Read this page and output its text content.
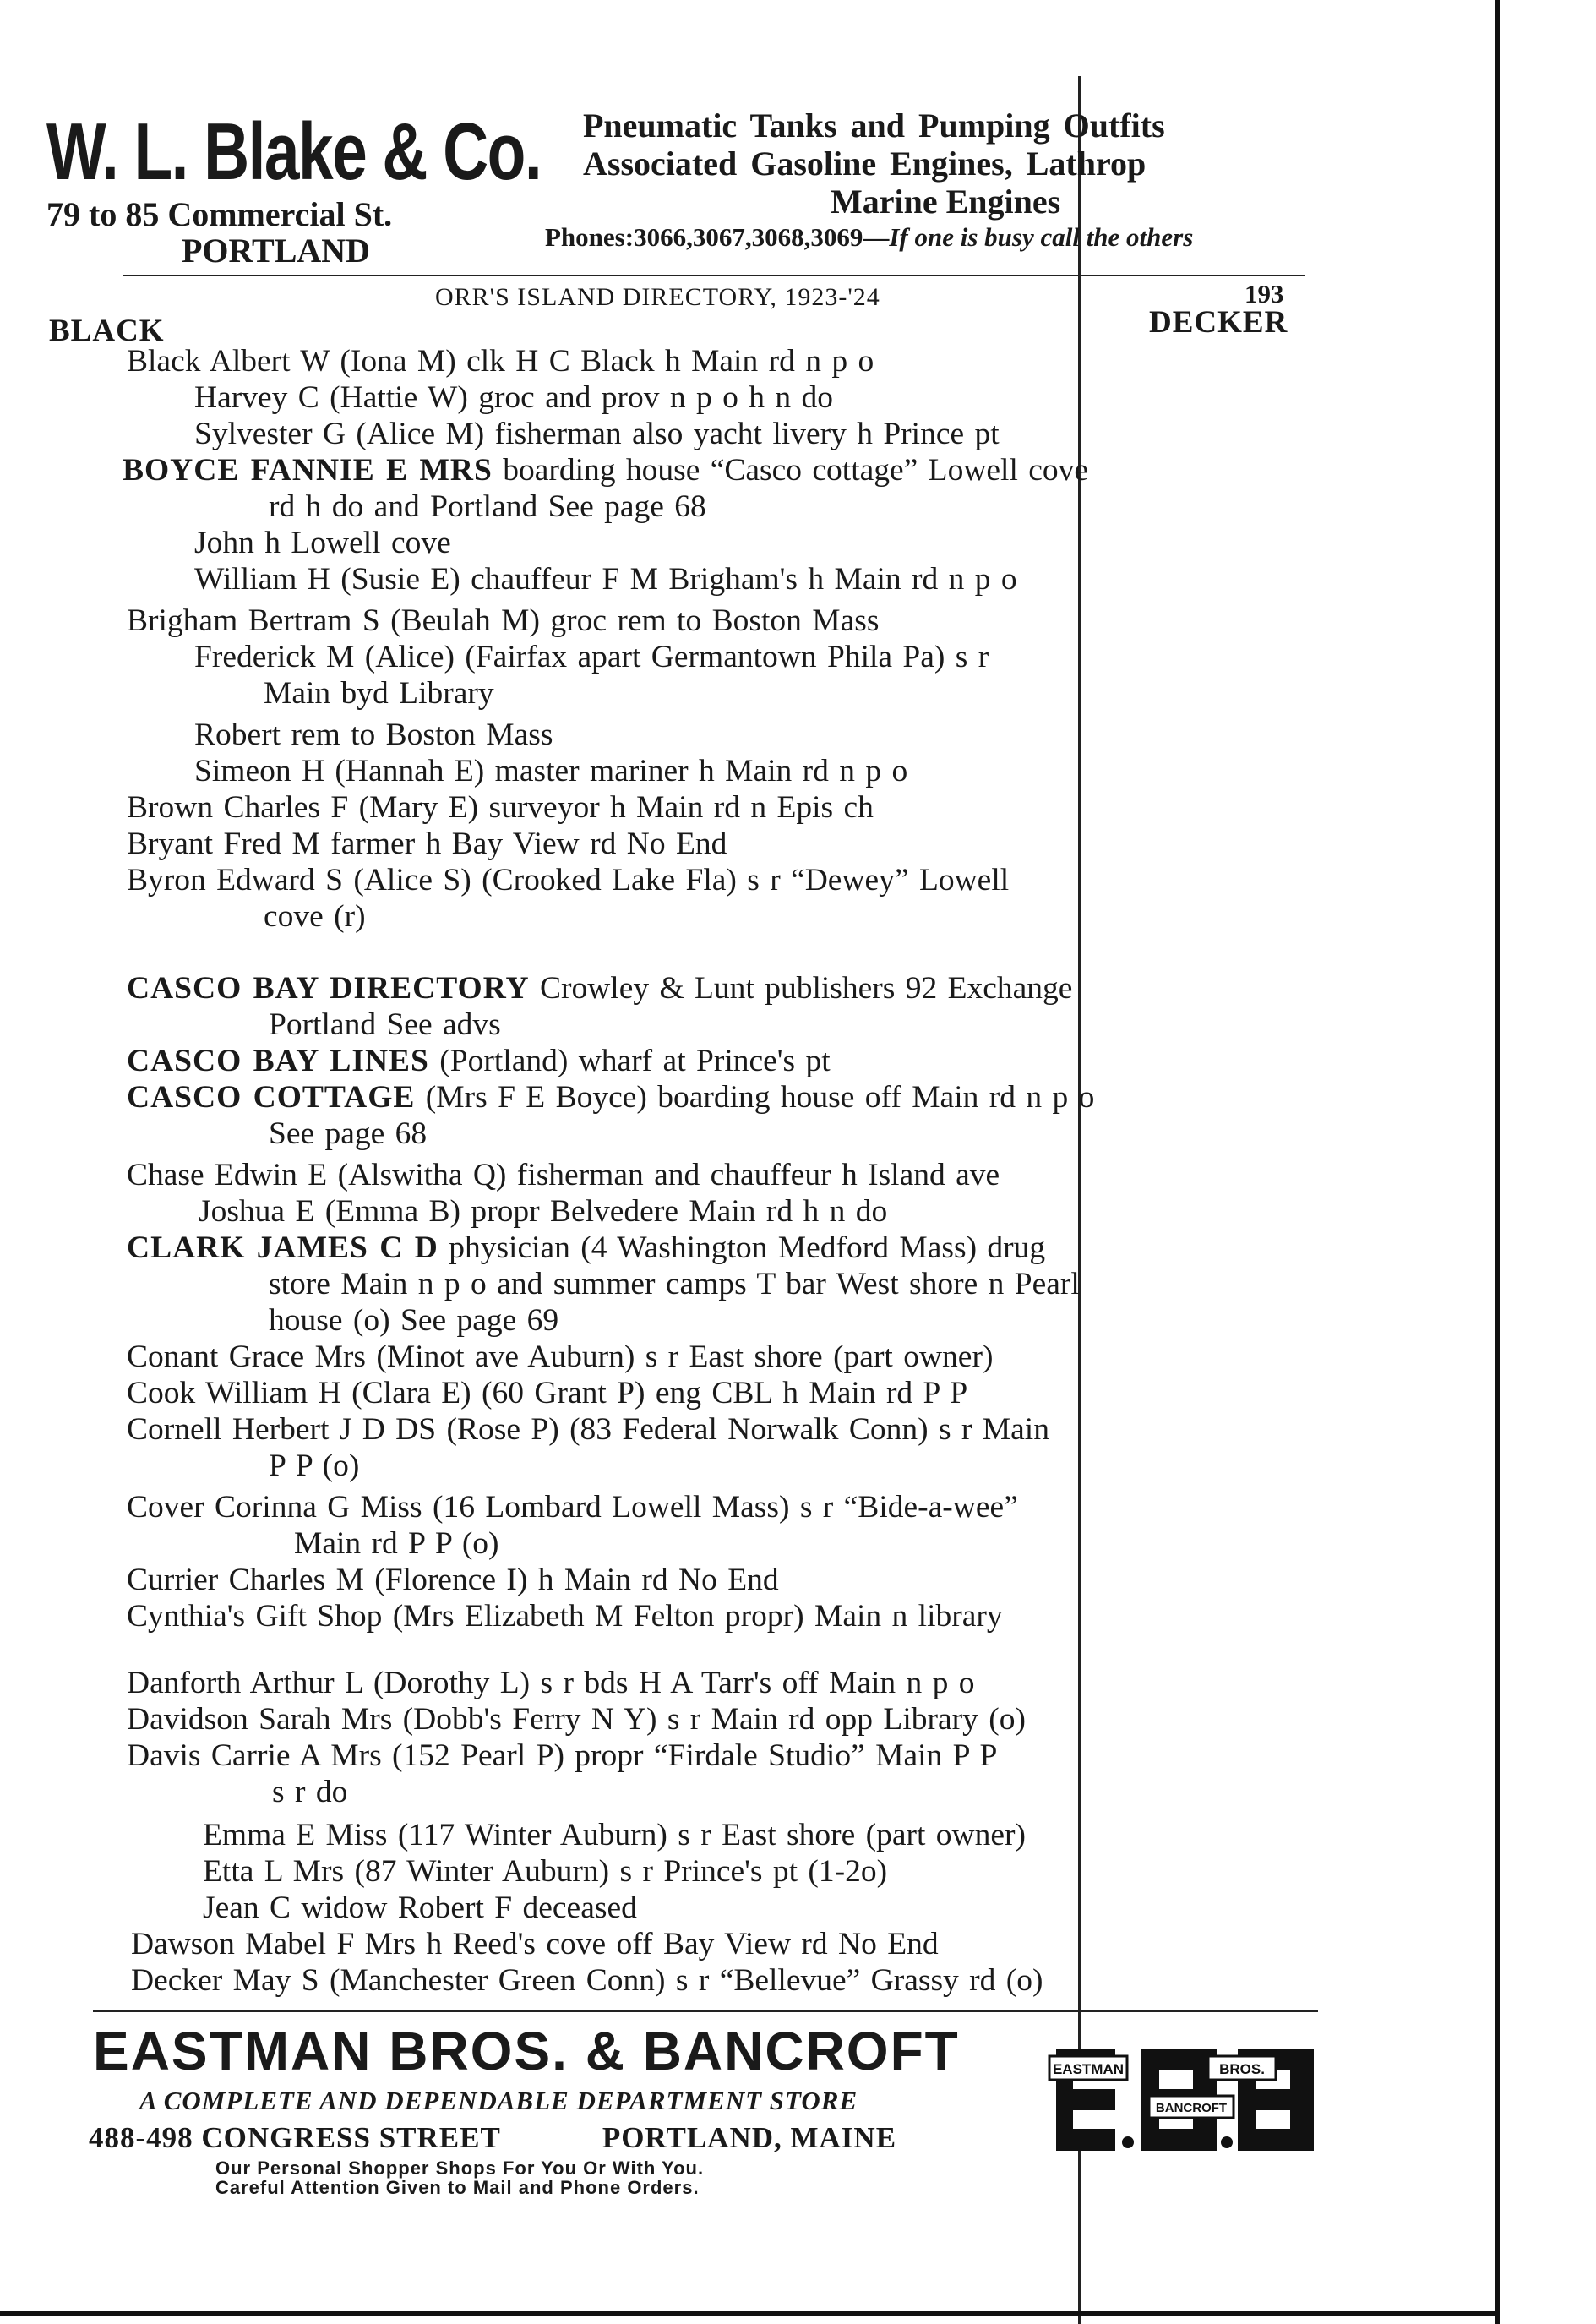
W. L. Blake & Co.
79 to 85 Commercial St.
PORTLAND
Pneumatic Tanks and Pumping Outfits
Associated Gasoline Engines, Lathrop
Marine Engines
Phones:3066,3067,3068,3069—If one is busy call the others
ORR'S ISLAND DIRECTORY, 1923-'24	193
BLACK	DECKER
Black Albert W (Iona M) clk H C Black h Main rd n p o
Harvey C (Hattie W) groc and prov n p o h n do
Sylvester G (Alice M) fisherman also yacht livery h Prince pt
BOYCE FANNIE E MRS boarding house “Casco cottage” Lowell cove
rd h do and Portland See page 68
John h Lowell cove
William H (Susie E) chauffeur F M Brigham's h Main rd n p o
Brigham Bertram S (Beulah M) groc rem to Boston Mass
Frederick M (Alice) (Fairfax apart Germantown Phila Pa) s r
Main byd Library
Robert rem to Boston Mass
Simeon H (Hannah E) master mariner h Main rd n p o
Brown Charles F (Mary E) surveyor h Main rd n Epis ch
Bryant Fred M farmer h Bay View rd No End
Byron Edward S (Alice S) (Crooked Lake Fla) s r “Dewey” Lowell
cove (r)
CASCO BAY DIRECTORY Crowley & Lunt publishers 92 Exchange
Portland See advs
CASCO BAY LINES (Portland) wharf at Prince's pt
CASCO COTTAGE (Mrs F E Boyce) boarding house off Main rd n p o
See page 68
Chase Edwin E (Alswitha Q) fisherman and chauffeur h Island ave
Joshua E (Emma B) propr Belvedere Main rd h n do
CLARK JAMES C D physician (4 Washington Medford Mass) drug
store Main n p o and summer camps T bar West shore n Pearl
house (o) See page 69
Conant Grace Mrs (Minot ave Auburn) s r East shore (part owner)
Cook William H (Clara E) (60 Grant P) eng CBL h Main rd P P
Cornell Herbert J D DS (Rose P) (83 Federal Norwalk Conn) s r Main
P P (o)
Cover Corinna G Miss (16 Lombard Lowell Mass) s r “Bide-a-wee”
Main rd P P (o)
Currier Charles M (Florence I) h Main rd No End
Cynthia's Gift Shop (Mrs Elizabeth M Felton propr) Main n library
Danforth Arthur L (Dorothy L) s r bds H A Tarr's off Main n p o
Davidson Sarah Mrs (Dobb's Ferry N Y) s r Main rd opp Library (o)
Davis Carrie A Mrs (152 Pearl P) propr “Firdale Studio” Main P P
s r do
Emma E Miss (117 Winter Auburn) s r East shore (part owner)
Etta L Mrs (87 Winter Auburn) s r Prince's pt (1-2o)
Jean C widow Robert F deceased
Dawson Mabel F Mrs h Reed's cove off Bay View rd No End
Decker May S (Manchester Green Conn) s r “Bellevue” Grassy rd (o)
EASTMAN BROS. & BANCROFT
A COMPLETE AND DEPENDABLE DEPARTMENT STORE
488-498 CONGRESS STREET	PORTLAND, MAINE
Our Personal Shopper Shops For You Or With You.
Careful Attention Given to Mail and Phone Orders.
EASTMAN	BROS.
BANCROFT
